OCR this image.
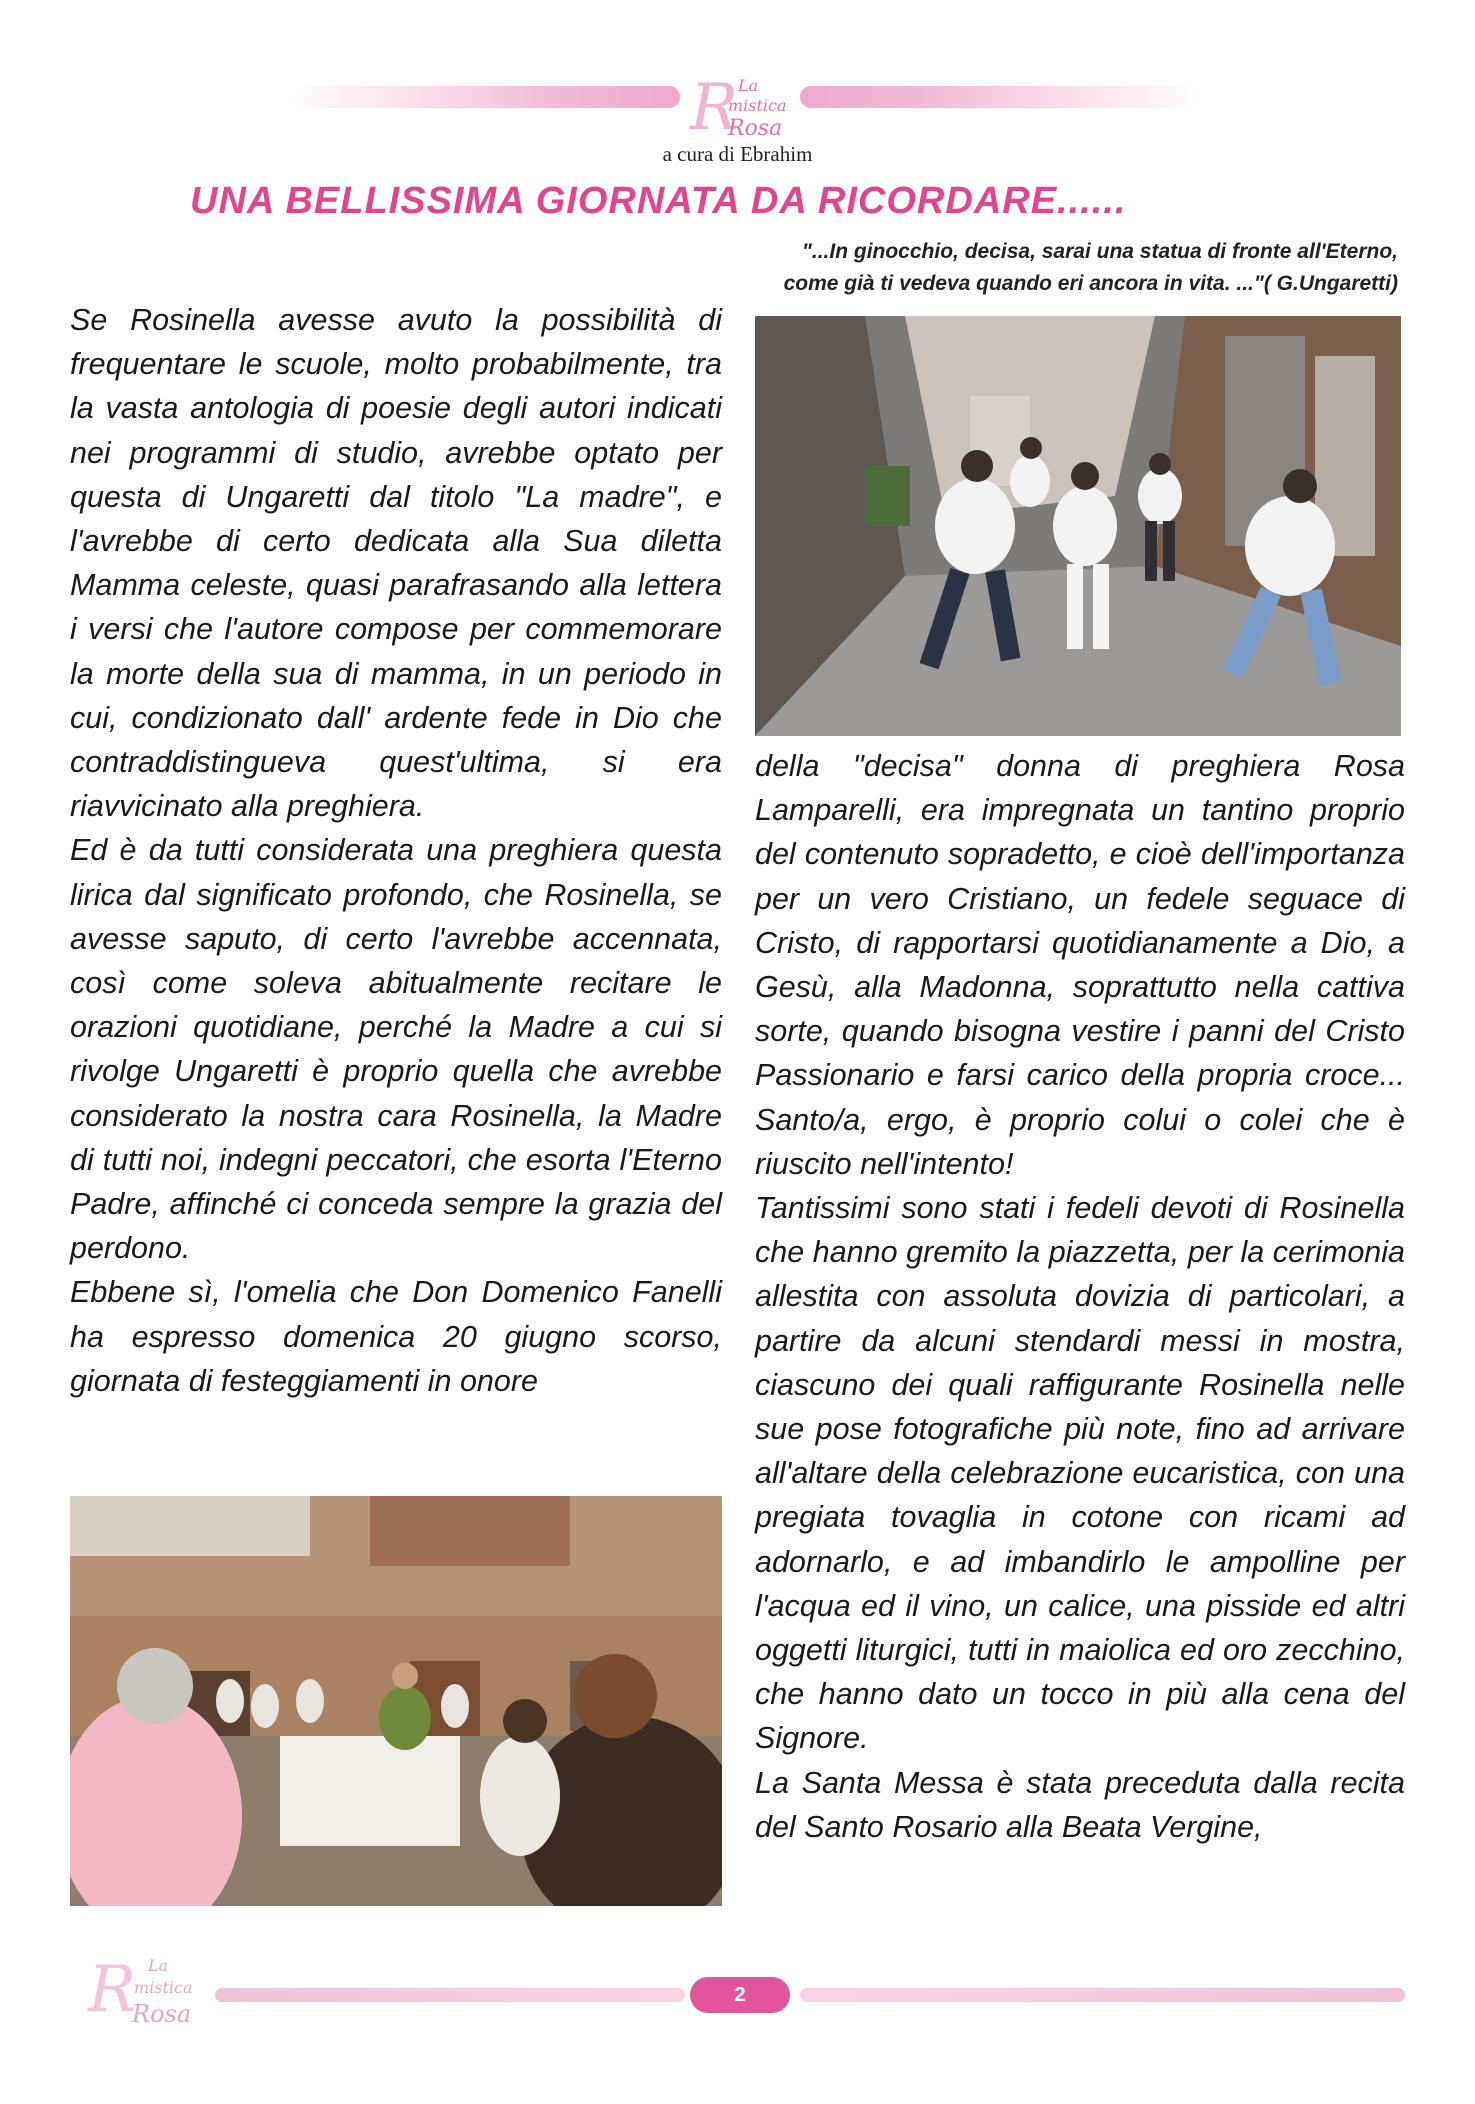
R La
mistica
Rosa
a cura di Ebrahim
UNA BELLISSIMA GIORNATA DA RICORDARE......
"...In ginocchio, decisa, sarai una statua di fronte all'Eterno,
come già ti vedeva quando eri ancora in vita. ..."( G.Ungaretti)

Se Rosinella avesse avuto la possibilità di frequentare le scuole, molto probabilmente, tra la vasta antologia di poesie degli autori indicati nei programmi di studio, avrebbe optato per questa di Ungaretti dal titolo "La madre", e l'avrebbe di certo dedicata alla Sua diletta Mamma celeste, quasi parafrasando alla lettera i versi che l'autore compose per commemorare la morte della sua di mamma, in un periodo in cui, condizionato dall' ardente fede in Dio che contraddistingueva quest'ultima, si era riavvicinato alla preghiera.

Ed è da tutti considerata una preghiera questa lirica dal significato profondo, che Rosinella, se avesse saputo, di certo l'avrebbe accennata, così come soleva abitualmente recitare le orazioni quotidiane, perché la Madre a cui si rivolge Ungaretti è proprio quella che avrebbe considerato la nostra cara Rosinella, la Madre di tutti noi, indegni peccatori, che esorta l'Eterno Padre, affinché ci conceda sempre la grazia del perdono.

Ebbene sì, l'omelia che Don Domenico Fanelli ha espresso domenica 20 giugno scorso, giornata di festeggiamenti in onore

della "decisa" donna di preghiera Rosa Lamparelli, era impregnata un tantino proprio del contenuto sopradetto, e cioè dell'importanza per un vero Cristiano, un fedele seguace di Cristo, di rapportarsi quotidianamente a Dio, a Gesù, alla Madonna, soprattutto nella cattiva sorte, quando bisogna vestire i panni del Cristo Passionario e farsi carico della propria croce... Santo/a, ergo, è proprio colui o colei che è riuscito nell'intento!

Tantissimi sono stati i fedeli devoti di Rosinella che hanno gremito la piazzetta, per la cerimonia allestita con assoluta dovizia di particolari, a partire da alcuni stendardi messi in mostra, ciascuno dei quali raffigurante Rosinella nelle sue pose fotografiche più note, fino ad arrivare all'altare della celebrazione eucaristica, con una pregiata tovaglia in cotone con ricami ad adornarlo, e ad imbandirlo le ampolline per l'acqua ed il vino, un calice, una pisside ed altri oggetti liturgici, tutti in maiolica ed oro zecchino, che hanno dato un tocco in più alla cena del Signore.

La Santa Messa è stata preceduta dalla recita del Santo Rosario alla Beata Vergine,

R La
mistica
Rosa
2
